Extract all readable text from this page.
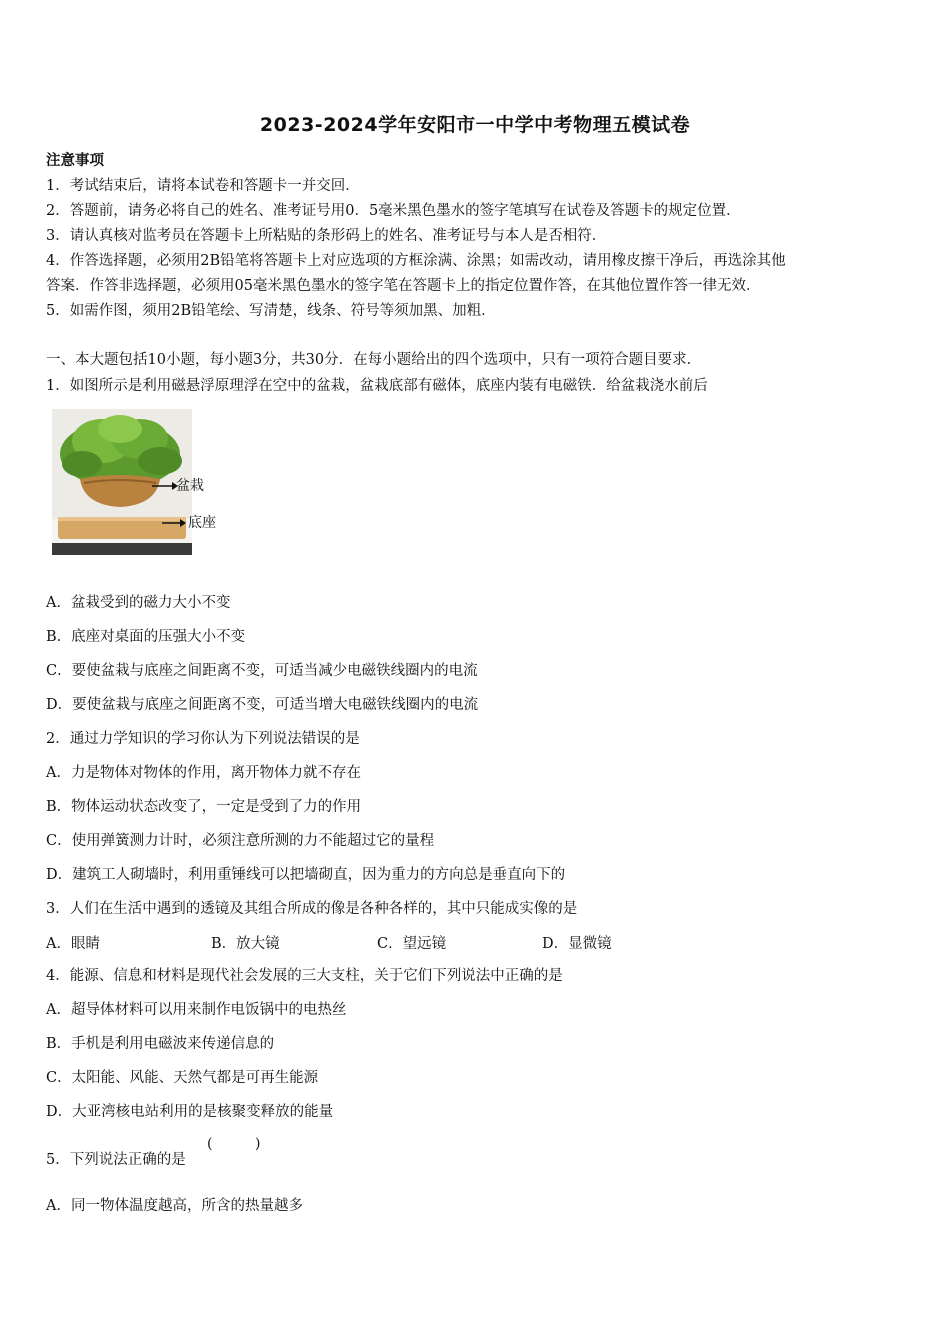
2023-2024学年安阳市一中学中考物理五模试卷
注意事项
1．考试结束后，请将本试卷和答题卡一并交回．
2．答题前，请务必将自己的姓名、准考证号用0．5毫米黑色墨水的签字笔填写在试卷及答题卡的规定位置．
3．请认真核对监考员在答题卡上所粘贴的条形码上的姓名、准考证号与本人是否相符．
4．作答选择题，必须用2B铅笔将答题卡上对应选项的方框涂满、涂黑；如需改动，请用橡皮擦干净后，再选涂其他
答案．作答非选择题，必须用05毫米黑色墨水的签字笔在答题卡上的指定位置作答，在其他位置作答一律无效．
5．如需作图，须用2B铅笔绘、写清楚，线条、符号等须加黑、加粗．
一、本大题包括10小题，每小题3分，共30分．在每小题给出的四个选项中，只有一项符合题目要求．
1．如图所示是利用磁悬浮原理浮在空中的盆栽，盆栽底部有磁体，底座内装有电磁铁．给盆栽浇水前后
盆栽
底座
A．盆栽受到的磁力大小不变
B．底座对桌面的压强大小不变
C．要使盆栽与底座之间距离不变，可适当减少电磁铁线圈内的电流
D．要使盆栽与底座之间距离不变，可适当增大电磁铁线圈内的电流
2．通过力学知识的学习你认为下列说法错误的是
A．力是物体对物体的作用，离开物体力就不存在
B．物体运动状态改变了，一定是受到了力的作用
C．使用弹簧测力计时，必须注意所测的力不能超过它的量程
D．建筑工人砌墙时，利用重锤线可以把墙砌直，因为重力的方向总是垂直向下的
3．人们在生活中遇到的透镜及其组合所成的像是各种各样的，其中只能成实像的是
A．眼睛	B．放大镜	C．望远镜	D．显微镜
4．能源、信息和材料是现代社会发展的三大支柱，关于它们下列说法中正确的是
A．超导体材料可以用来制作电饭锅中的电热丝
B．手机是利用电磁波来传递信息的
C．太阳能、风能、天然气都是可再生能源
D．大亚湾核电站利用的是核聚变释放的能量
5．下列说法正确的是
(	)
A．同一物体温度越高，所含的热量越多
